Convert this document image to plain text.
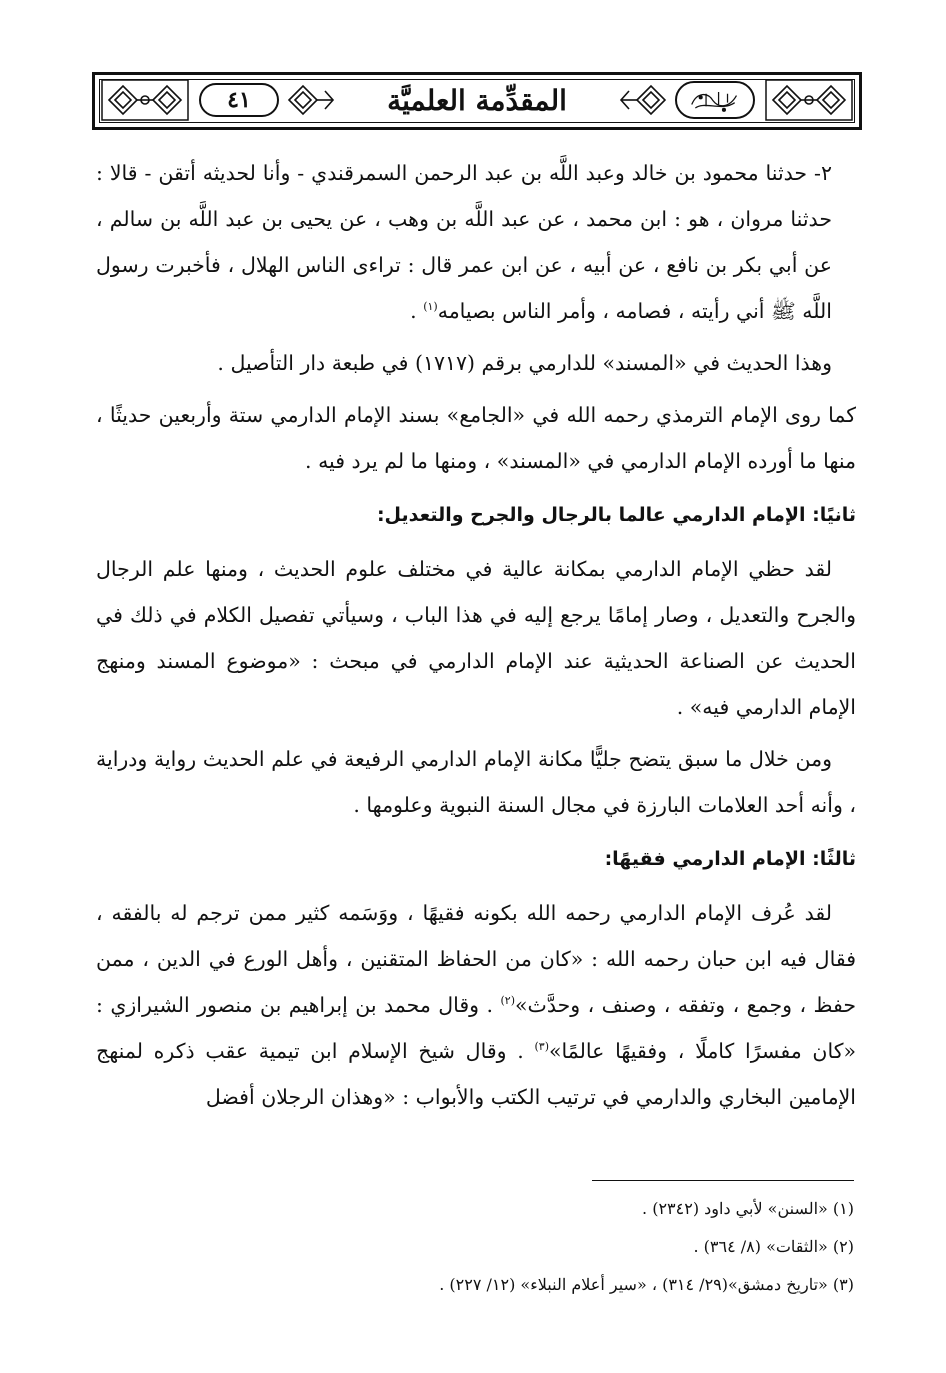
٤١	المقدِّمة العلميَّة

٢- حدثنا محمود بن خالد وعبد اللَّه بن عبد الرحمن السمرقندي - وأنا لحديثه أتقن - قالا : حدثنا مروان ، هو : ابن محمد ، عن عبد اللَّه بن وهب ، عن يحيى بن عبد اللَّه بن سالم ، عن أبي بكر بن نافع ، عن أبيه ، عن ابن عمر قال : تراءى الناس الهلال ، فأخبرت رسول اللَّه ﷺ أني رأيته ، فصامه ، وأمر الناس بصيامه$^{(١)}$ .

وهذا الحديث في «المسند» للدارمي برقم (١٧١٧) في طبعة دار التأصيل .

كما روى الإمام الترمذي رحمه الله في «الجامع» بسند الإمام الدارمي ستة وأربعين حديثًا ، منها ما أورده الإمام الدارمي في «المسند» ، ومنها ما لم يرد فيه .

ثانيًا: الإمام الدارمي عالما بالرجال والجرح والتعديل:

لقد حظي الإمام الدارمي بمكانة عالية في مختلف علوم الحديث ، ومنها علم الرجال والجرح والتعديل ، وصار إمامًا يرجع إليه في هذا الباب ، وسيأتي تفصيل الكلام في ذلك في الحديث عن الصناعة الحديثية عند الإمام الدارمي في مبحث : «موضوع المسند ومنهج الإمام الدارمي فيه» .

ومن خلال ما سبق يتضح جليًّا مكانة الإمام الدارمي الرفيعة في علم الحديث رواية ودراية ، وأنه أحد العلامات البارزة في مجال السنة النبوية وعلومها .

ثالثًا: الإمام الدارمي فقيهًا:

لقد عُرف الإمام الدارمي رحمه الله بكونه فقيهًا ، ووَسَمه كثير ممن ترجم له بالفقه ، فقال فيه ابن حبان رحمه الله : «كان من الحفاظ المتقنين ، وأهل الورع في الدين ، ممن حفظ ، وجمع ، وتفقه ، وصنف ، وحدَّث»$^{(٢)}$ . وقال محمد بن إبراهيم بن منصور الشيرازي : «كان مفسرًا كاملًا ، وفقيهًا عالمًا»$^{(٣)}$ . وقال شيخ الإسلام ابن تيمية عقب ذكره لمنهج الإمامين البخاري والدارمي في ترتيب الكتب والأبواب : «وهذان الرجلان أفضل

(١) «السنن» لأبي داود (٢٣٤٢) .

(٢) «الثقات» (٨/ ٣٦٤) .

(٣) «تاريخ دمشق»(٢٩/ ٣١٤) ، «سير أعلام النبلاء» (١٢/ ٢٢٧) .
